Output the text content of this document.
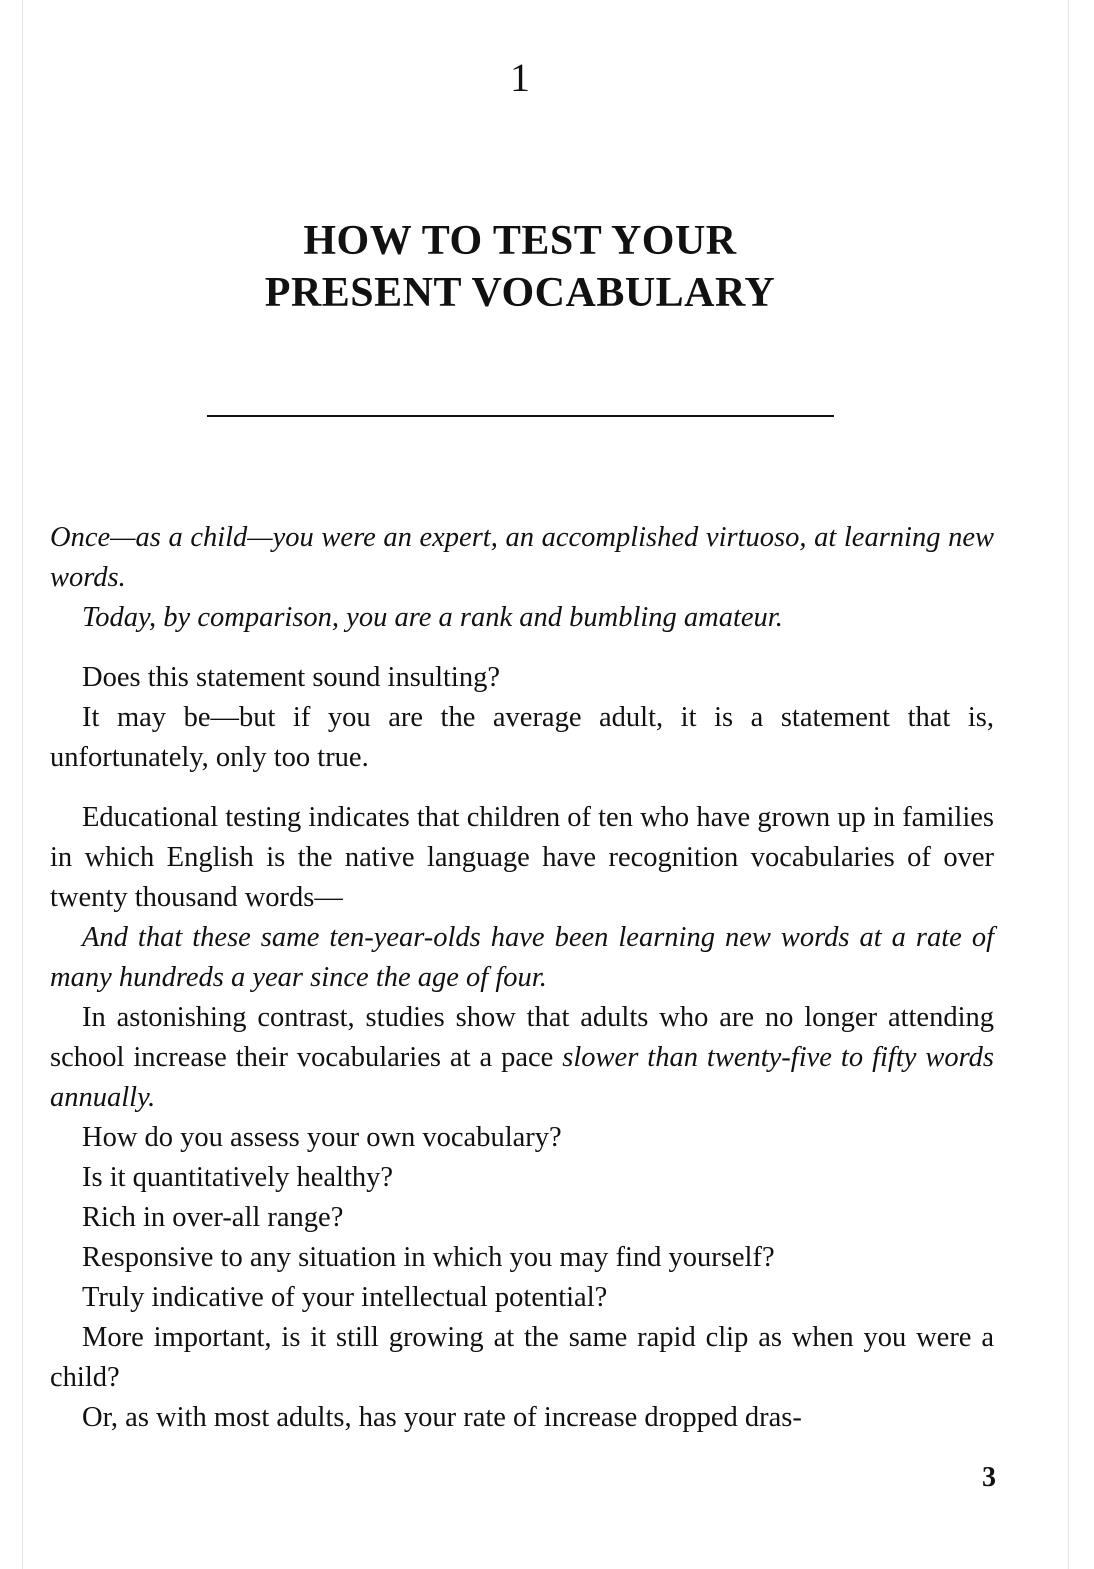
1
HOW TO TEST YOUR
PRESENT VOCABULARY

Once—as a child—you were an expert, an accomplished virtuoso, at learning new words.

Today, by comparison, you are a rank and bumbling amateur.

Does this statement sound insulting?

It may be—but if you are the average adult, it is a statement that is, unfortunately, only too true.

Educational testing indicates that children of ten who have grown up in families in which English is the native language have recognition vocabularies of over twenty thousand words—

And that these same ten-year-olds have been learning new words at a rate of many hundreds a year since the age of four.

In astonishing contrast, studies show that adults who are no longer attending school increase their vocabularies at a pace slower than twenty-five to fifty words annually.

How do you assess your own vocabulary?

Is it quantitatively healthy?

Rich in over-all range?

Responsive to any situation in which you may find yourself?

Truly indicative of your intellectual potential?

More important, is it still growing at the same rapid clip as when you were a child?

Or, as with most adults, has your rate of increase dropped dras-

3
